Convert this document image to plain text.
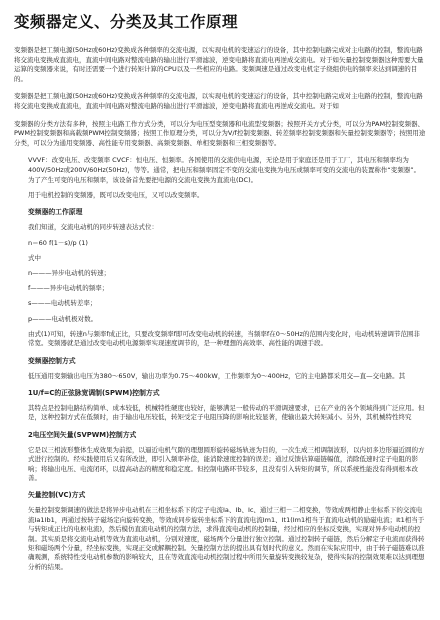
变频器定义、分类及其工作原理

变频器是把工频电源(50Hz或60Hz)变换成各种频率的交流电源，以实现电机的变速运行的设备，其中控制电路完成对主电路的控制，整流电路将交流电变换成直流电，直流中间电路对整流电路的输出进行平滑滤波，逆变电路将直流电再逆成交流电。对于如矢量控制变频器这种需要大量运算的变频器来说，有时还需要一个进行转矩计算的CPU以及一些相应的电路。变频调速是通过改变电机定子绕组供电的频率来达到调速的目的。

变频器是把工频电源(50Hz或60Hz)变换成各种频率的交流电源，以实现电机的变速运行的设备，其中控制电路完成对主电路的控制，整流电路将交流电变换成直流电，直流中间电路对整流电路的输出进行平滑滤波，逆变电路将直流电再逆成交流电。对于如

变频器的分类方法有多种，按照主电路工作方式分类，可以分为电压型变频器和电流型变频器；按照开关方式分类，可以分为PAM控制变频器、PWM控制变频器和高载频PWM控制变频器；按照工作原理分类，可以分为V/f控制变频器、转差频率控制变频器和矢量控制变频器等；按照用途分类，可以分为通用变频器、高性能专用变频器、高频变频器、单相变频器和三相变频器等。

VVVF：改变电压、改变频率 CVCF：恒电压、恒频率。各国使用的交流供电电源，无论是用于家庭还是用于工厂，其电压和频率均为400V/50Hz或200V/60Hz(50Hz)，等等。通常，把电压和频率固定不变的交流电变换为电压或频率可变的交流电的装置称作“变频器”。为了产生可变的电压和频率，该设备首先要把电源的交流电变换为直流电(DC)。

用于电机控制的变频器，既可以改变电压，又可以改变频率。

变频器的工作原理

我们知道，交流电动机的同步转速表达式位：

n＝60 f(1－s)/p (1)

式中

n———异步电动机的转速；

f———异步电动机的频率；

s———电动机转差率；

p———电动机极对数。

由式(1)可知，转速n与频率f成正比，只要改变频率f即可改变电动机的转速，当频率f在0～50Hz的范围内变化时，电动机转速调节范围非常宽。变频器就是通过改变电动机电源频率实现速度调节的，是一种理想的高效率、高性能的调速手段。

变频器控制方式

低压通用变频输出电压为380～650V，输出功率为0.75～400kW，工作频率为0～400Hz，它的主电路都采用交—直—交电路。其

1U/f=C的正弦脉宽调制(SPWM)控制方式

其特点是控制电路结构简单、成本较低，机械特性硬度也较好，能够满足一般传动的平滑调速要求，已在产业的各个领域得到广泛应用。但是，这种控制方式在低频时，由于输出电压较低，转矩受定子电阻压降的影响比较显著，使输出最大转矩减小。另外，其机械特性终究

2电压空间矢量(SVPWM)控制方式

它是以三相波形整体生成效果为前提，以逼近电机气隙的理想圆形旋转磁场轨迹为目的，一次生成三相调制波形，以内切多边形逼近圆的方式进行控制的。经实践使用后又有所改进，即引入频率补偿，能消除速度控制的误差；通过反馈估算磁链幅值，消除低速时定子电阻的影响；将输出电压、电流闭环，以提高动态的精度和稳定度。但控制电路环节较多，且没有引入转矩的调节，所以系统性能没有得到根本改善。

矢量控制(VC)方式

矢量控制变频调速的做法是将异步电动机在三相坐标系下的定子电流Ia、Ib、Ic、通过三相－二相变换，等效成两相静止坐标系下的交流电流Ia1Ib1，再通过按转子磁场定向旋转变换，等效成同步旋转坐标系下的直流电流Im1、It1(Im1相当于直流电动机的励磁电流；It1相当于与转矩成正比的电枢电流)，然后模仿直流电动机的控制方法，求得直流电动机的控制量，经过相应的坐标反变换，实现对异步电动机的控制。其实质是将交流电动机等效为直流电动机，分别对速度，磁场两个分量进行独立控制。通过控制转子磁链，然后分解定子电流而获得转矩和磁场两个分量，经坐标变换，实现正交或解耦控制。矢量控制方法的提出具有划时代的意义。然而在实际应用中，由于转子磁链难以准确观测，系统特性受电动机参数的影响较大，且在等效直流电动机控制过程中所用矢量旋转变换较复杂，使得实际的控制效果难以达到理想分析的结果。
